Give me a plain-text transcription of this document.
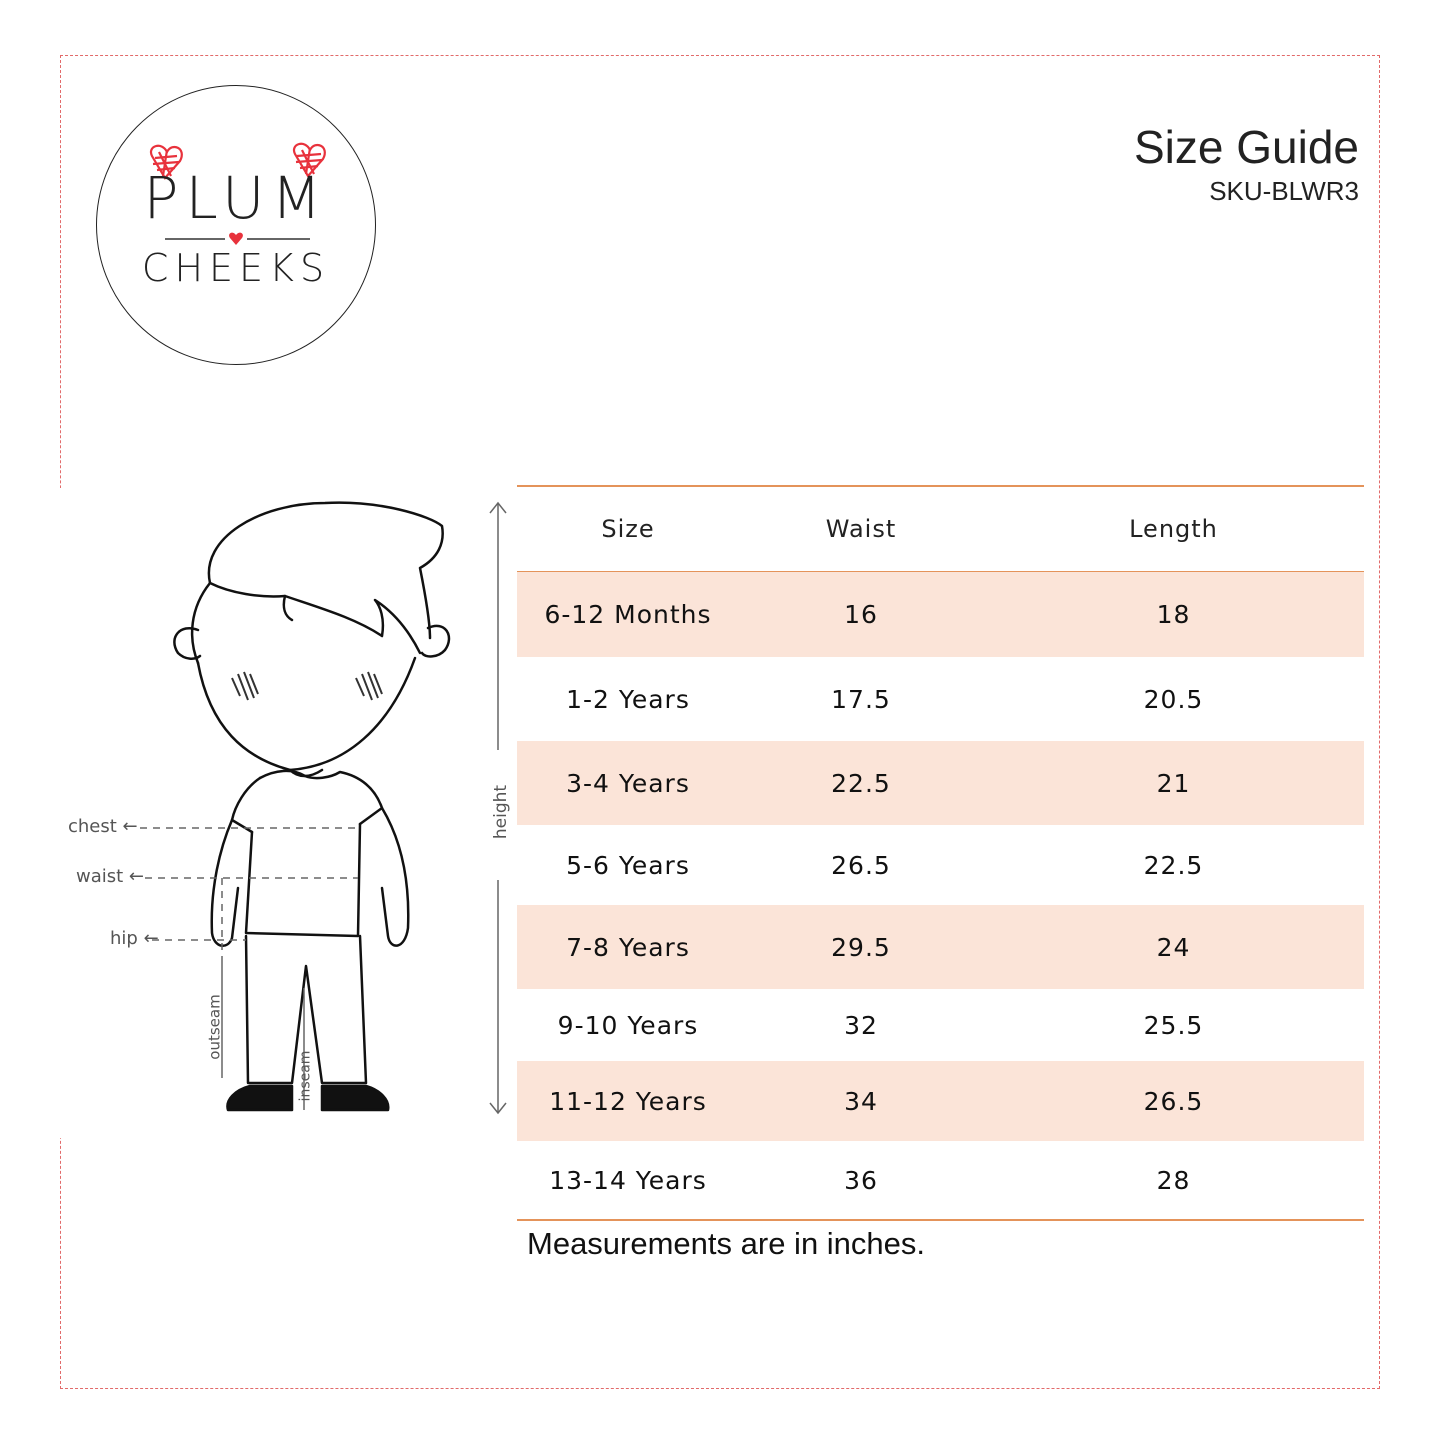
PLUM
CHEEKS
Size Guide
SKU-BLWR3
chest ←
waist ←
hip ←
outseam
inseam
height
Size	Waist	Length
6-12 Months	16	18
1-2 Years	17.5	20.5
3-4 Years	22.5	21
5-6 Years	26.5	22.5
7-8 Years	29.5	24
9-10 Years	32	25.5
11-12 Years	34	26.5
13-14 Years	36	28
Measurements are in inches.
